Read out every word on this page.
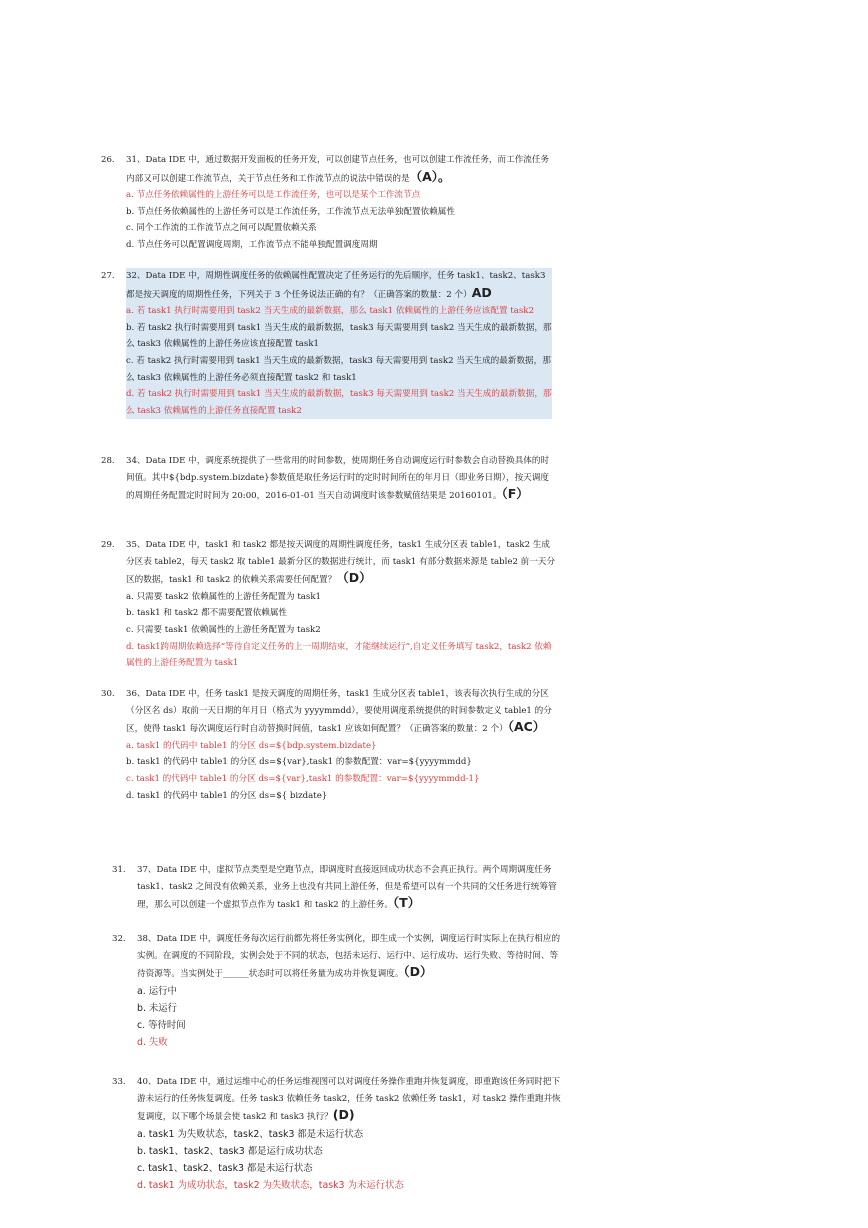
26. 31、Data IDE 中，通过数据开发面板的任务开发，可以创建节点任务，也可以创建工作流任务，而工作流任务内部又可以创建工作流节点，关于节点任务和工作流节点的说法中错误的是（A）。

a. 节点任务依赖属性的上游任务可以是工作流任务，也可以是某个工作流节点

b. 节点任务依赖属性的上游任务可以是工作流任务，工作流节点无法单独配置依赖属性

c. 同个工作流的工作流节点之间可以配置依赖关系

d. 节点任务可以配置调度周期，工作流节点不能单独配置调度周期

27. 32、Data IDE 中，周期性调度任务的依赖属性配置决定了任务运行的先后顺序，任务 task1、task2、task3 都是按天调度的周期性任务，下列关于 3 个任务说法正确的有？（正确答案的数量：2 个）AD

a. 若 task1 执行时需要用到 task2 当天生成的最新数据，那么 task1 依赖属性的上游任务应该配置 task2

b. 若 task2 执行时需要用到 task1 当天生成的最新数据，task3 每天需要用到 task2 当天生成的最新数据，那么 task3 依赖属性的上游任务应该直接配置 task1

c. 若 task2 执行时需要用到 task1 当天生成的最新数据，task3 每天需要用到 task2 当天生成的最新数据，那么 task3 依赖属性的上游任务必须直接配置 task2 和 task1

d. 若 task2 执行时需要用到 task1 当天生成的最新数据，task3 每天需要用到 task2 当天生成的最新数据，那么 task3 依赖属性的上游任务直接配置 task2

28. 34、Data IDE 中，调度系统提供了一些常用的时间参数，使周期任务自动调度运行时参数会自动替换具体的时间值。其中${bdp.system.bizdate}参数值是取任务运行时的定时时间所在的年月日（即业务日期），按天调度的周期任务配置定时时间为 20:00，2016-01-01 当天自动调度时该参数赋值结果是 20160101。（F）

29. 35、Data IDE 中，task1 和 task2 都是按天调度的周期性调度任务，task1 生成分区表 table1，task2 生成分区表 table2，每天 task2 取 table1 最新分区的数据进行统计，而 task1 有部分数据来源是 table2 前一天分区的数据，task1 和 task2 的依赖关系需要任何配置？（D）

a. 只需要 task2 依赖属性的上游任务配置为 task1

b. task1 和 task2 都不需要配置依赖属性

c. 只需要 task1 依赖属性的上游任务配置为 task2

d. task1跨周期依赖选择“等待自定义任务的上一周期结束，才能继续运行”,自定义任务填写 task2，task2 依赖属性的上游任务配置为 task1

30. 36、Data IDE 中，任务 task1 是按天调度的周期任务，task1 生成分区表 table1，该表每次执行生成的分区（分区名 ds）取前一天日期的年月日（格式为 yyyymmdd），要使用调度系统提供的时间参数定义 table1 的分区，使得 task1 每次调度运行时自动替换时间值，task1 应该如何配置？（正确答案的数量：2 个）（AC）

a. task1 的代码中 table1 的分区 ds=${bdp.system.bizdate}

b. task1 的代码中 table1 的分区 ds=${var},task1 的参数配置：var=${yyyymmdd}

c. task1 的代码中 table1 的分区 ds=${var},task1 的参数配置：var=${yyyymmdd-1}

d. task1 的代码中 table1 的分区 ds=${ bizdate}

31. 37、Data IDE 中，虚拟节点类型是空跑节点，即调度时直接返回成功状态不会真正执行。两个周期调度任务 task1、task2 之间没有依赖关系，业务上也没有共同上游任务，但是希望可以有一个共同的父任务进行统筹管理，那么可以创建一个虚拟节点作为 task1 和 task2 的上游任务。（T）

32. 38、Data IDE 中，调度任务每次运行前都先将任务实例化，即生成一个实例，调度运行时实际上在执行相应的实例。在调度的不同阶段，实例会处于不同的状态，包括未运行、运行中、运行成功、运行失败、等待时间、等待资源等。当实例处于______状态时可以将任务量为成功并恢复调度。（D）

a. 运行中

b. 未运行

c. 等待时间

d. 失败

33. 40、Data IDE 中，通过运维中心的任务运维视图可以对调度任务操作重跑并恢复调度，即重跑该任务同时把下游未运行的任务恢复调度。任务 task3 依赖任务 task2，任务 task2 依赖任务 task1，对 task2 操作重跑并恢复调度，以下哪个场景会使 task2 和 task3 执行？(D)

a. task1 为失败状态，task2、task3 都是未运行状态

b. task1、task2、task3 都是运行成功状态

c. task1、task2、task3 都是未运行状态

d. task1 为成功状态，task2 为失败状态，task3 为未运行状态
